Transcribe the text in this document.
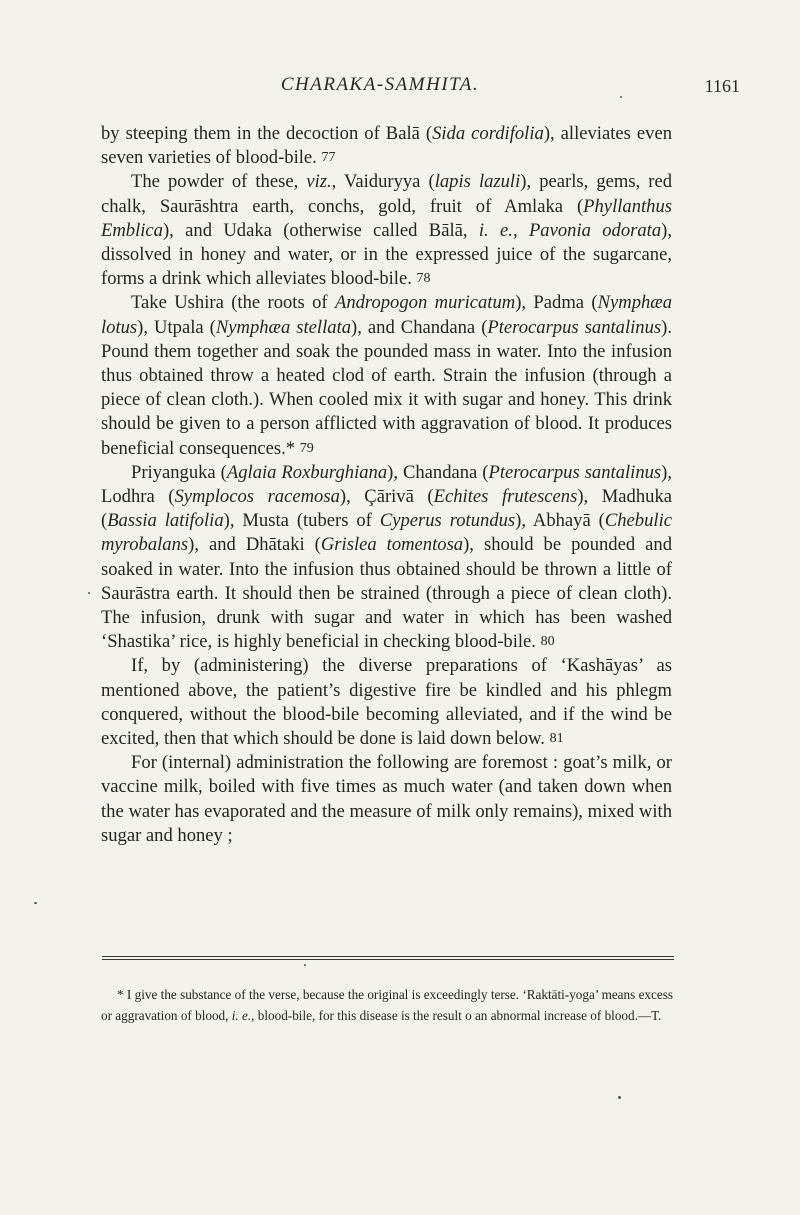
CHARAKA-SAMHITA.	1161

by steeping them in the decoction of Balā (Sida cordifolia), alleviates even seven varieties of blood-bile. 77

The powder of these, viz., Vaiduryya (lapis lazuli), pearls, gems, red chalk, Saurāshtra earth, conchs, gold, fruit of Amlaka (Phyllanthus Emblica), and Udaka (otherwise called Bālā, i. e., Pavonia odorata), dissolved in honey and water, or in the expressed juice of the sugarcane, forms a drink which alleviates blood-bile. 78

Take Ushira (the roots of Andropogon muricatum), Padma (Nymphæa lotus), Utpala (Nymphæa stellata), and Chandana (Pterocarpus santalinus). Pound them together and soak the pounded mass in water. Into the infusion thus obtained throw a heated clod of earth. Strain the infusion (through a piece of clean cloth.). When cooled mix it with sugar and honey. This drink should be given to a person afflicted with aggravation of blood. It produces beneficial consequences.* 79

Priyanguka (Aglaia Roxburghiana), Chandana (Pterocarpus santalinus), Lodhra (Symplocos racemosa), Çārivā (Echites frutescens), Madhuka (Bassia latifolia), Musta (tubers of Cyperus rotundus), Abhayā (Chebulic myrobalans), and Dhātaki (Grislea tomentosa), should be pounded and soaked in water. Into the infusion thus obtained should be thrown a little of Saurāstra earth. It should then be strained (through a piece of clean cloth). The infusion, drunk with sugar and water in which has been washed ‘Shastika’ rice, is highly beneficial in checking blood-bile. 80

If, by (administering) the diverse preparations of ‘Kashāyas’ as mentioned above, the patient’s digestive fire be kindled and his phlegm conquered, without the blood-bile becoming alleviated, and if the wind be excited, then that which should be done is laid down below. 81

For (internal) administration the following are foremost : goat’s milk, or vaccine milk, boiled with five times as much water (and taken down when the water has evaporated and the measure of milk only remains), mixed with sugar and honey ;

* I give the substance of the verse, because the original is exceedingly terse. ‘Raktāti-yoga’ means excess or aggravation of blood, i. e., blood-bile, for this disease is the result o an abnormal increase of blood.—T.
